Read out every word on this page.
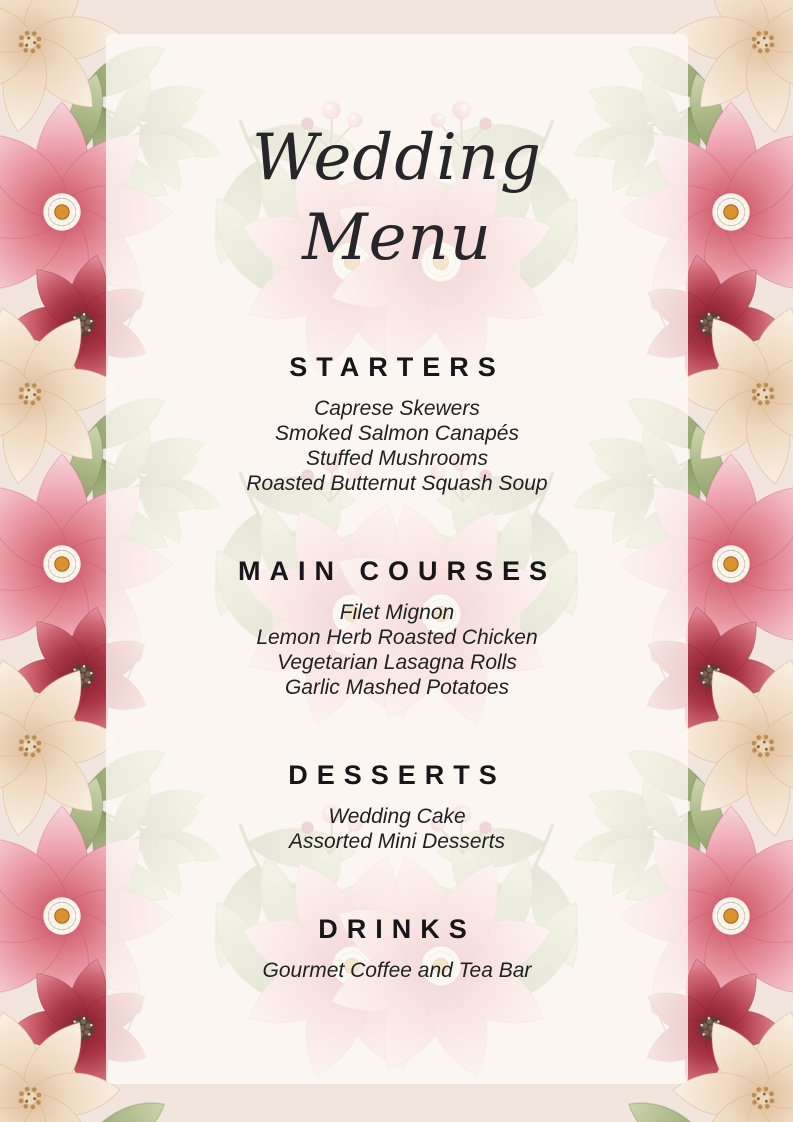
Wedding
Menu
STARTERS

Caprese Skewers

Smoked Salmon Canapés

Stuffed Mushrooms

Roasted Butternut Squash Soup

MAIN COURSES

Filet Mignon

Lemon Herb Roasted Chicken

Vegetarian Lasagna Rolls

Garlic Mashed Potatoes

DESSERTS

Wedding Cake

Assorted Mini Desserts

DRINKS

Gourmet Coffee and Tea Bar
